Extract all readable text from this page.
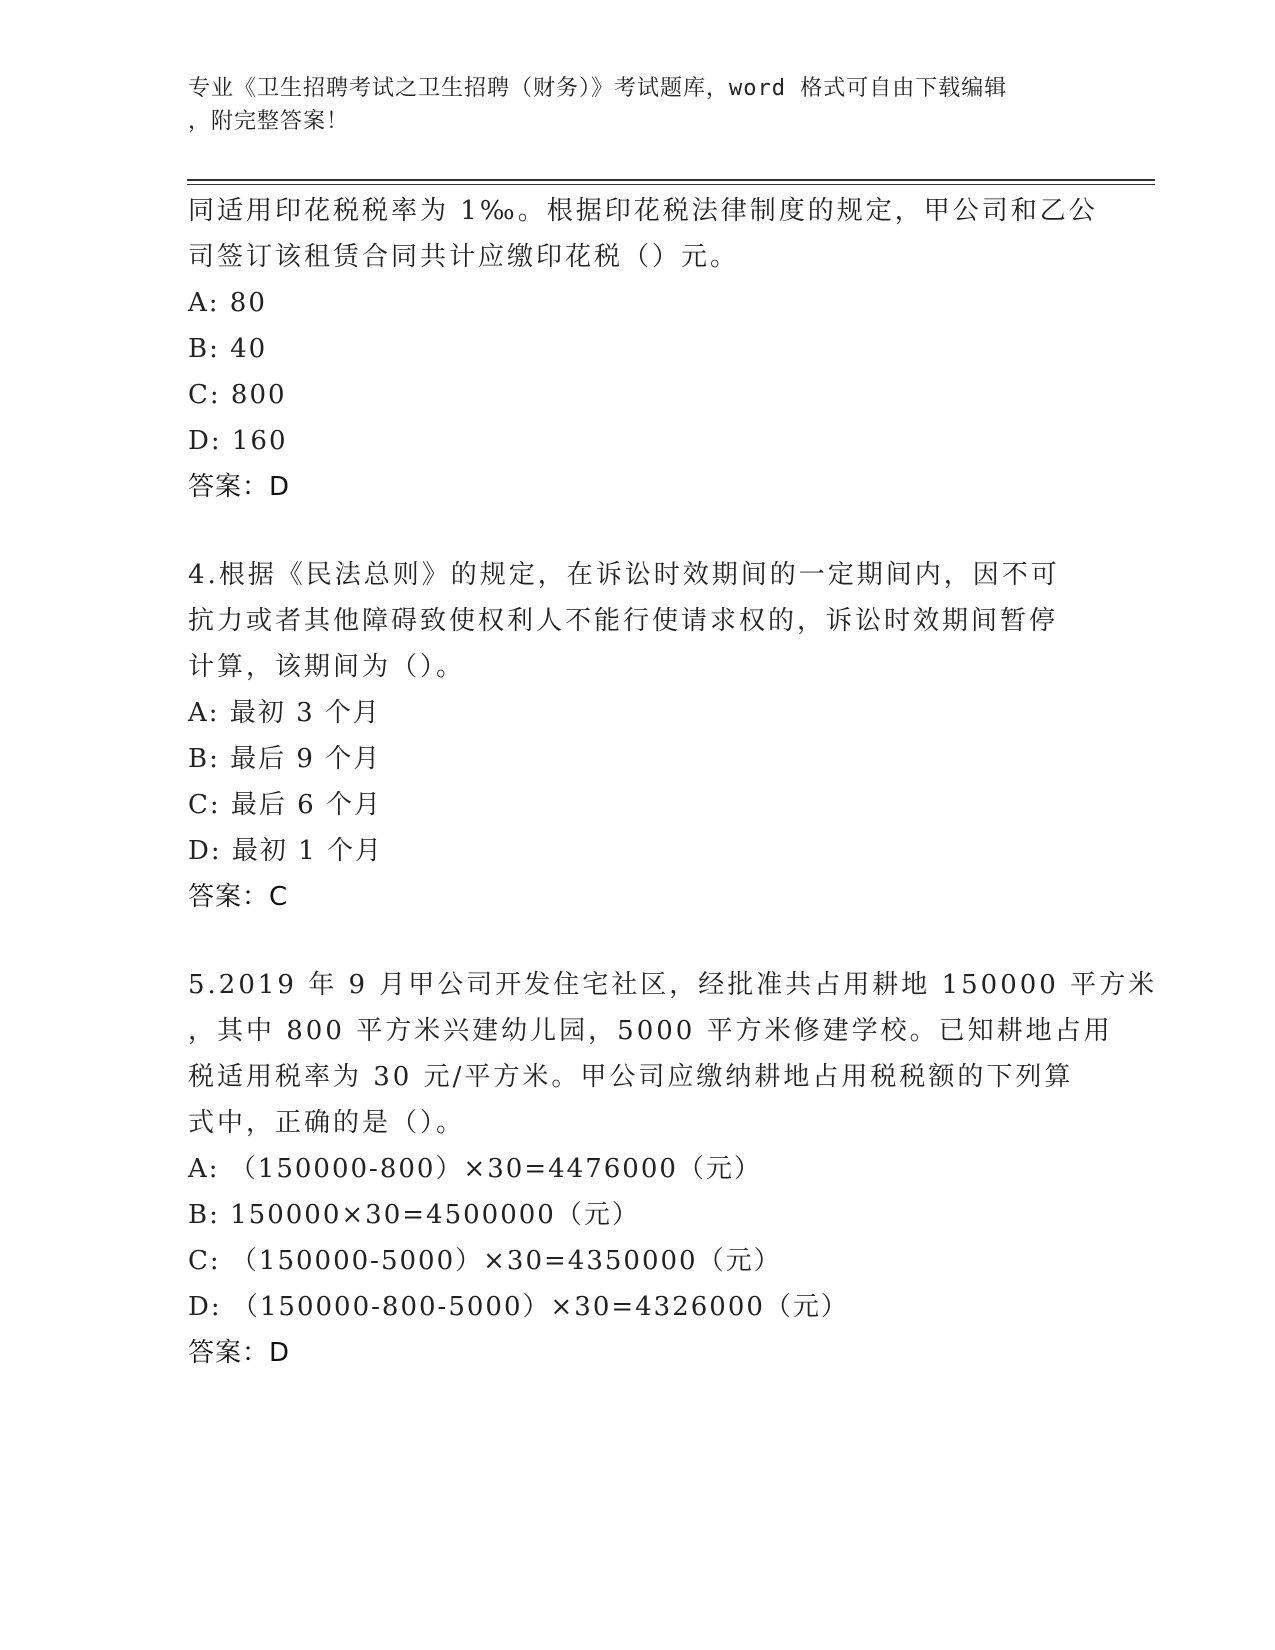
专业《卫生招聘考试之卫生招聘（财务）》考试题库，word 格式可自由下载编辑
，附完整答案！
同适用印花税税率为 1‰。根据印花税法律制度的规定，甲公司和乙公
司签订该租赁合同共计应缴印花税（）元。
A: 80
B: 40
C: 800
D: 160
答案：D
4.根据《民法总则》的规定，在诉讼时效期间的一定期间内，因不可
抗力或者其他障碍致使权利人不能行使请求权的，诉讼时效期间暂停
计算，该期间为（）。
A: 最初 3 个月
B: 最后 9 个月
C: 最后 6 个月
D: 最初 1 个月
答案：C
5.2019 年 9 月甲公司开发住宅社区，经批准共占用耕地 150000 平方米
，其中 800 平方米兴建幼儿园，5000 平方米修建学校。已知耕地占用
税适用税率为 30 元/平方米。甲公司应缴纳耕地占用税税额的下列算
式中，正确的是（）。
A: （150000-800）×30=4476000（元）
B: 150000×30=4500000（元）
C: （150000-5000）×30=4350000（元）
D: （150000-800-5000）×30=4326000（元）
答案：D
